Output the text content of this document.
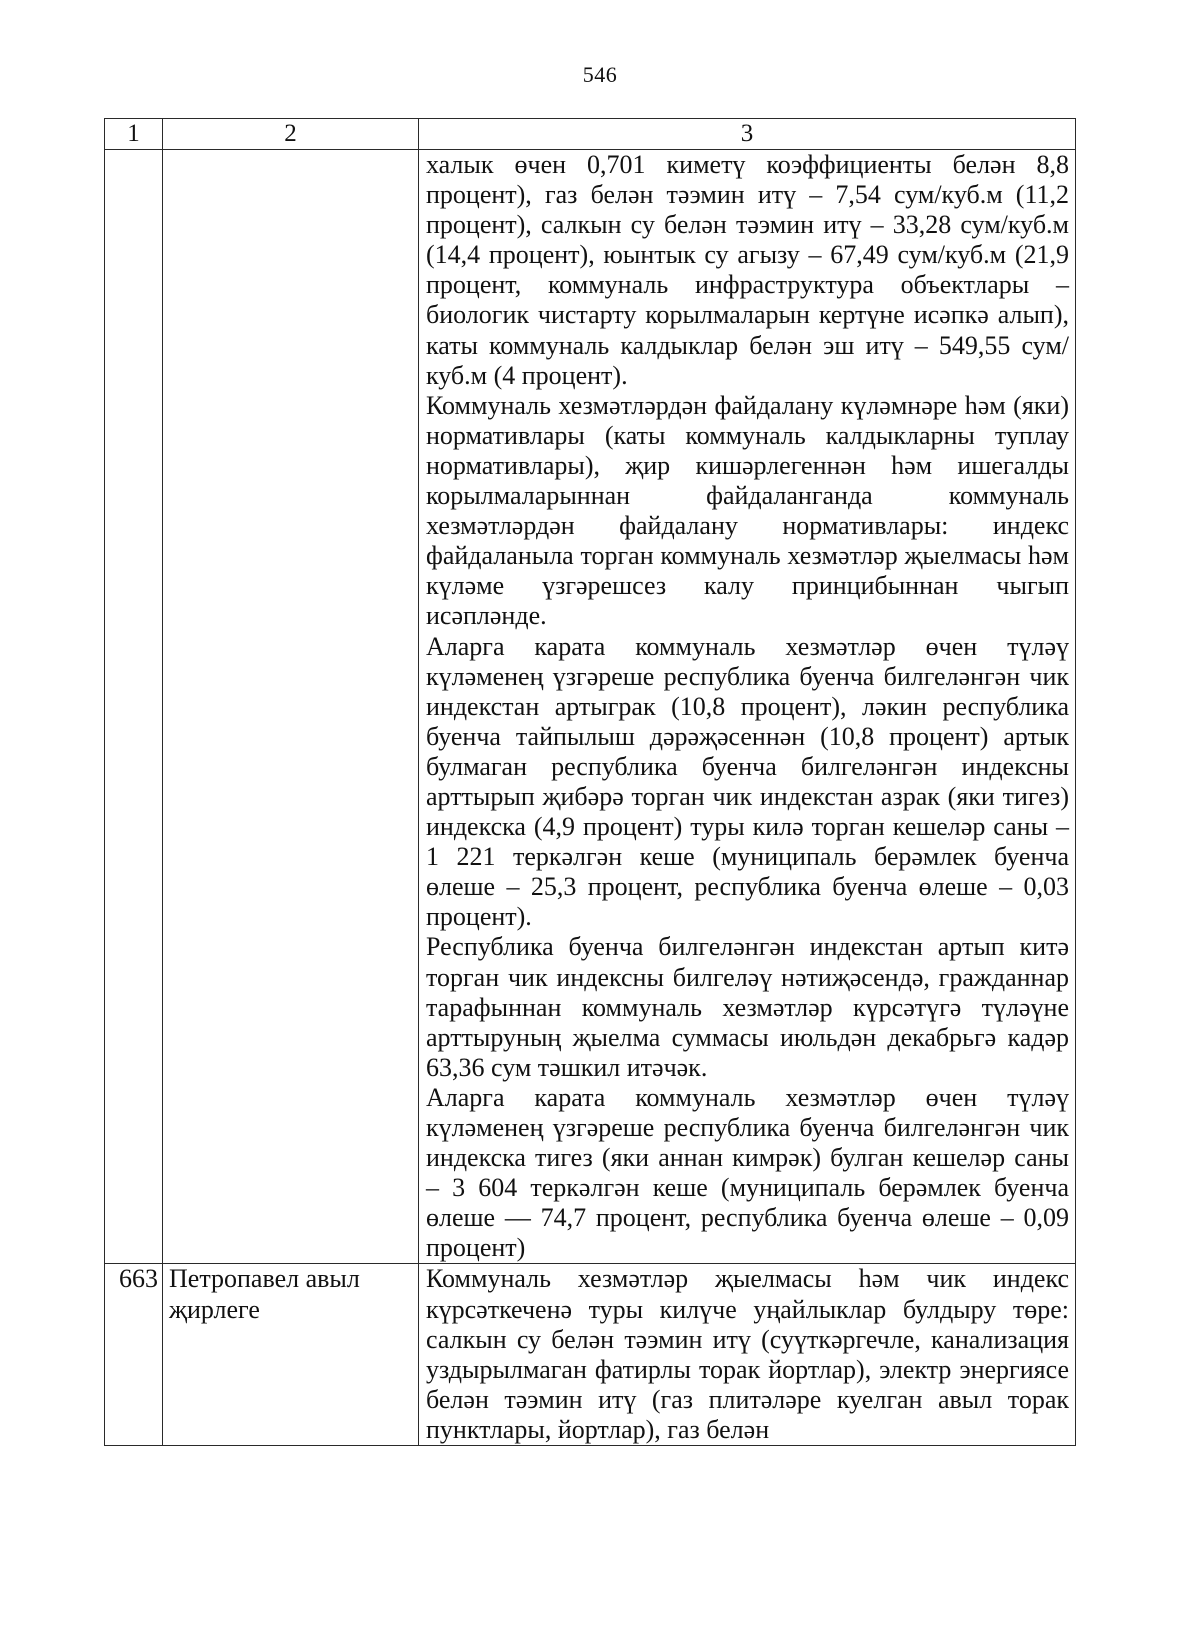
546
1	2	3

		халык өчен 0,701 киметү коэффициенты белән 8,8 процент), газ белән тәэмин итү – 7,54 сум/куб.м (11,2 процент), салкын су белән тәэмин итү – 33,28 сум/куб.м (14,4 процент), юынтык су агызу – 67,49 сум/куб.м (21,9 процент, коммуналь инфраструктура объектлары – биологик чистарту корылмаларын кертүне исәпкә алып), каты коммуналь калдыклар белән эш итү – 549,55 сум/куб.м (4 процент).
Коммуналь хезмәтләрдән файдалану күләмнәре һәм (яки) нормативлары (каты коммуналь калдыкларны туплау нормативлары), җир кишәрлегеннән һәм ишегалды корылмаларыннан файдаланганда коммуналь хезмәтләрдән файдалану нормативлары: индекс файдаланыла торган коммуналь хезмәтләр җыелмасы һәм күләме үзгәрешсез калу принцибыннан чыгып исәпләнде.
Аларга карата коммуналь хезмәтләр өчен түләү күләменең үзгәреше республика буенча билгеләнгән чик индекстан артыграк (10,8 процент), ләкин республика буенча тайпылыш дәрәҗәсеннән (10,8 процент) артык булмаган республика буенча билгеләнгән индексны арттырып җибәрә торган чик индекстан азрак (яки тигез) индекска (4,9 процент) туры килә торган кешеләр саны – 1 221 теркәлгән кеше (муниципаль берәмлек буенча өлеше – 25,3 процент, республика буенча өлеше – 0,03 процент).
Республика буенча билгеләнгән индекстан артып китә торган чик индексны билгеләү нәтиҗәсендә, гражданнар тарафыннан коммуналь хезмәтләр күрсәтүгә түләүне арттыруның җыелма суммасы июльдән декабрьгә кадәр 63,36 сум тәшкил итәчәк.
Аларга карата коммуналь хезмәтләр өчен түләү күләменең үзгәреше республика буенча билгеләнгән чик индекска тигез (яки аннан кимрәк) булган кешеләр саны – 3 604 теркәлгән кеше (муниципаль берәмлек буенча өлеше — 74,7 процент, республика буенча өлеше – 0,09 процент)

663	Петропавел авыл җирлеге	Коммуналь хезмәтләр җыелмасы һәм чик индекс күрсәткеченә туры килүче уңайлыклар булдыру төре: салкын су белән тәэмин итү (суүткәргечле, канализация уздырылмаган фатирлы торак йортлар), электр энергиясе белән тәэмин итү (газ плитәләре куелган авыл торак пунктлары, йортлар), газ белән
